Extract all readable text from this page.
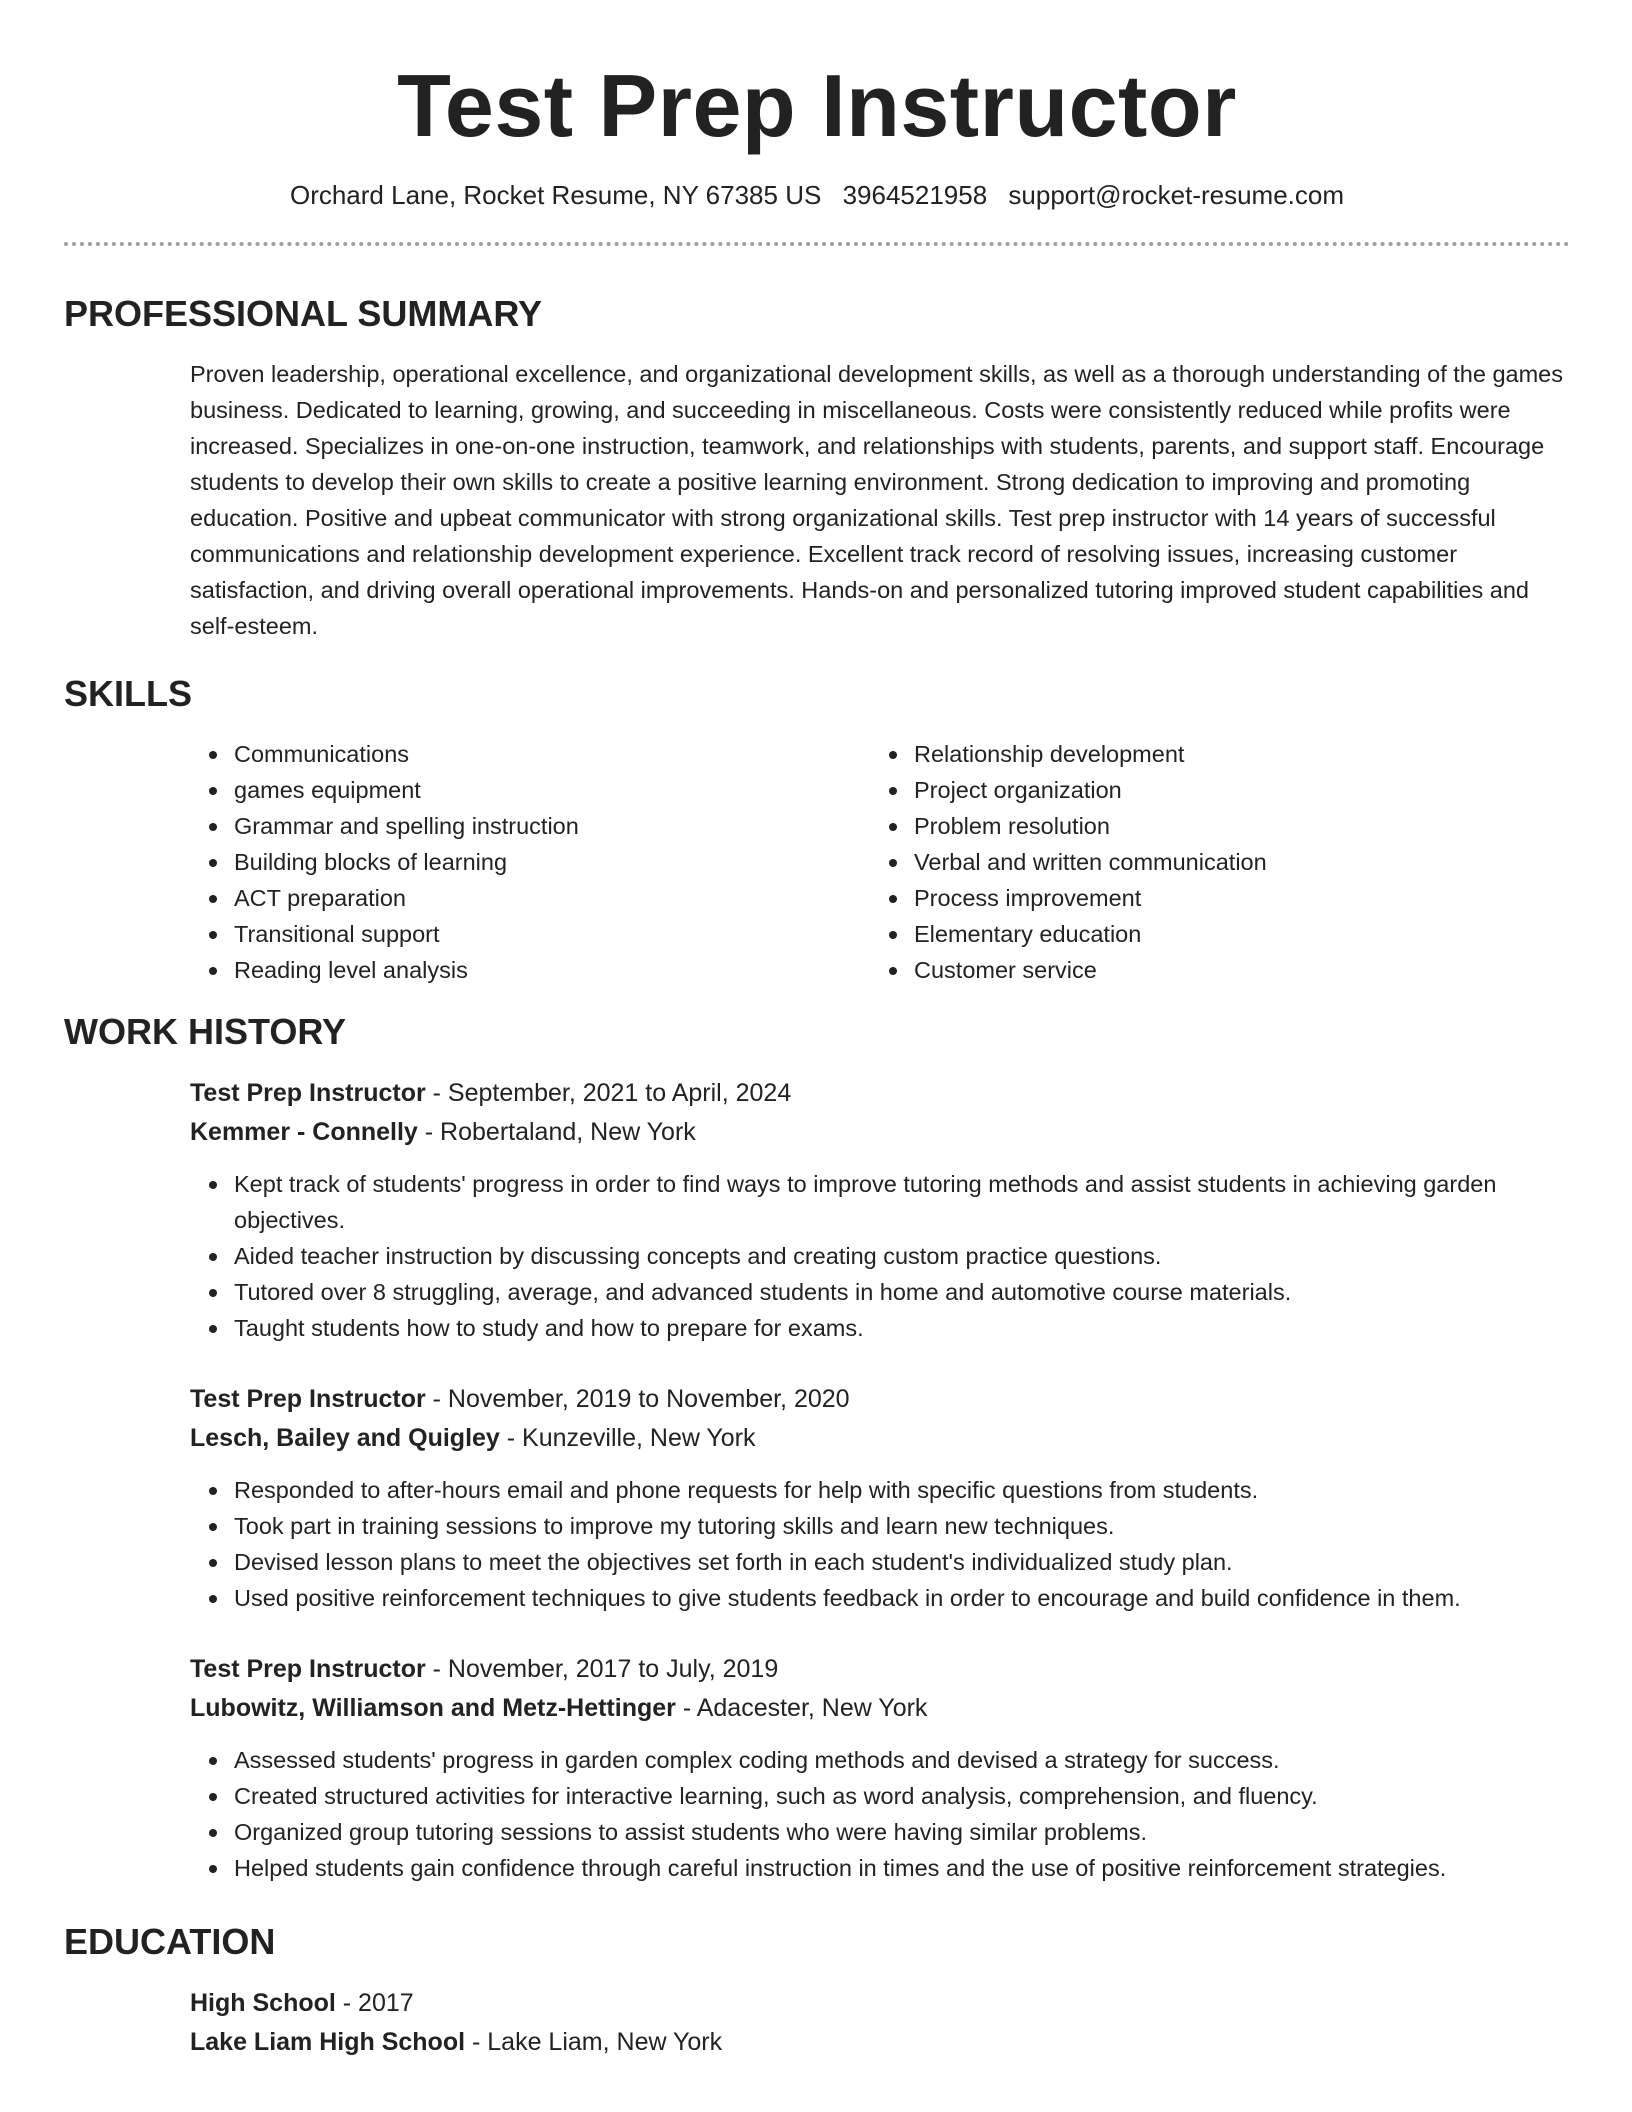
Test Prep Instructor
Orchard Lane, Rocket Resume, NY 67385 US 3964521958 support@rocket-resume.com
PROFESSIONAL SUMMARY
Proven leadership, operational excellence, and organizational development skills, as well as a thorough understanding of the games business. Dedicated to learning, growing, and succeeding in miscellaneous. Costs were consistently reduced while profits were increased. Specializes in one-on-one instruction, teamwork, and relationships with students, parents, and support staff. Encourage students to develop their own skills to create a positive learning environment. Strong dedication to improving and promoting education. Positive and upbeat communicator with strong organizational skills. Test prep instructor with 14 years of successful communications and relationship development experience. Excellent track record of resolving issues, increasing customer satisfaction, and driving overall operational improvements. Hands-on and personalized tutoring improved student capabilities and self-esteem.
SKILLS
Communications
games equipment
Grammar and spelling instruction
Building blocks of learning
ACT preparation
Transitional support
Reading level analysis
Relationship development
Project organization
Problem resolution
Verbal and written communication
Process improvement
Elementary education
Customer service
WORK HISTORY
Test Prep Instructor - September, 2021 to April, 2024
Kemmer - Connelly - Robertaland, New York
Kept track of students' progress in order to find ways to improve tutoring methods and assist students in achieving garden objectives.
Aided teacher instruction by discussing concepts and creating custom practice questions.
Tutored over 8 struggling, average, and advanced students in home and automotive course materials.
Taught students how to study and how to prepare for exams.
Test Prep Instructor - November, 2019 to November, 2020
Lesch, Bailey and Quigley - Kunzeville, New York
Responded to after-hours email and phone requests for help with specific questions from students.
Took part in training sessions to improve my tutoring skills and learn new techniques.
Devised lesson plans to meet the objectives set forth in each student's individualized study plan.
Used positive reinforcement techniques to give students feedback in order to encourage and build confidence in them.
Test Prep Instructor - November, 2017 to July, 2019
Lubowitz, Williamson and Metz-Hettinger - Adacester, New York
Assessed students' progress in garden complex coding methods and devised a strategy for success.
Created structured activities for interactive learning, such as word analysis, comprehension, and fluency.
Organized group tutoring sessions to assist students who were having similar problems.
Helped students gain confidence through careful instruction in times and the use of positive reinforcement strategies.
EDUCATION
High School - 2017
Lake Liam High School - Lake Liam, New York
